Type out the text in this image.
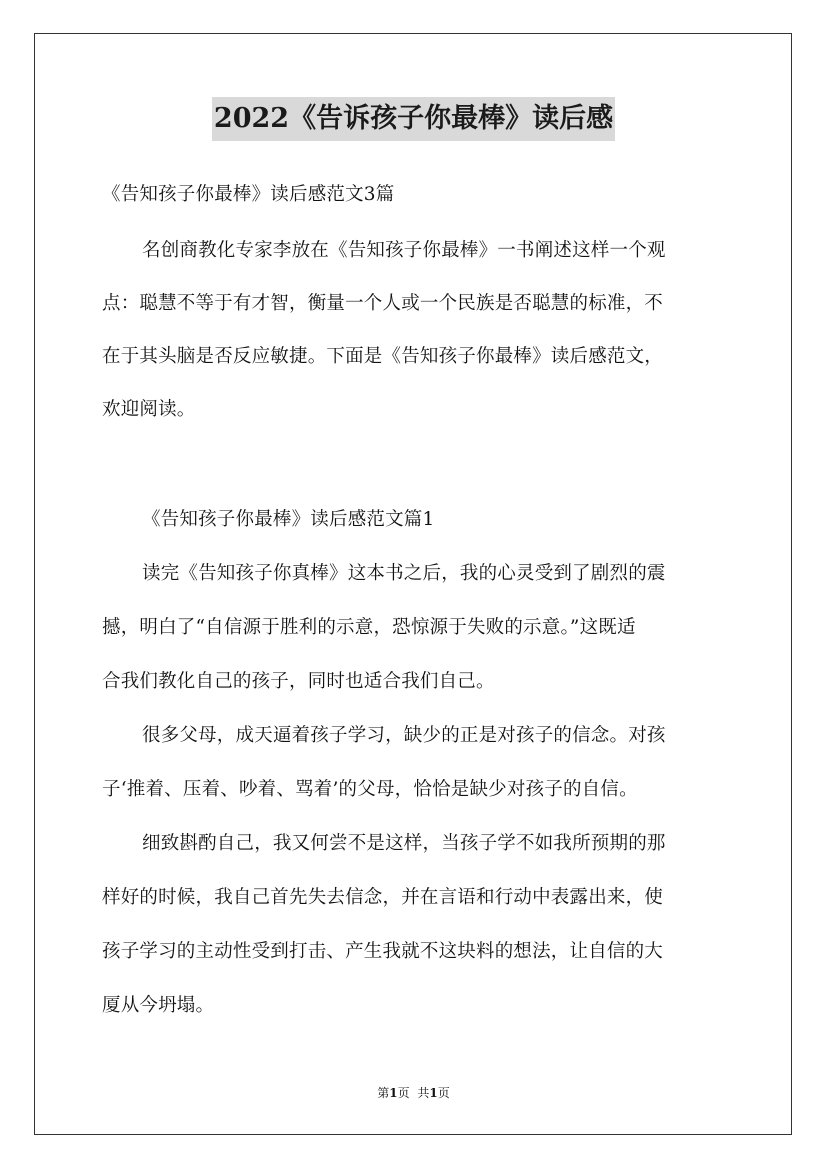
2022《告诉孩子你最棒》读后感
《告知孩子你最棒》读后感范文3篇
名创商教化专家李放在《告知孩子你最棒》一书阐述这样一个观
点：聪慧不等于有才智，衡量一个人或一个民族是否聪慧的标准，不
在于其头脑是否反应敏捷。下面是《告知孩子你最棒》读后感范文，
欢迎阅读。
《告知孩子你最棒》读后感范文篇1
读完《告知孩子你真棒》这本书之后，我的心灵受到了剧烈的震
撼，明白了“自信源于胜利的示意，恐惊源于失败的示意。”这既适
合我们教化自己的孩子，同时也适合我们自己。
很多父母，成天逼着孩子学习，缺少的正是对孩子的信念。对孩
子‘推着、压着、吵着、骂着’的父母，恰恰是缺少对孩子的自信。
细致斟酌自己，我又何尝不是这样，当孩子学不如我所预期的那
样好的时候，我自己首先失去信念，并在言语和行动中表露出来，使
孩子学习的主动性受到打击、产生我就不这块料的想法，让自信的大
厦从今坍塌。
第1页 共1页
